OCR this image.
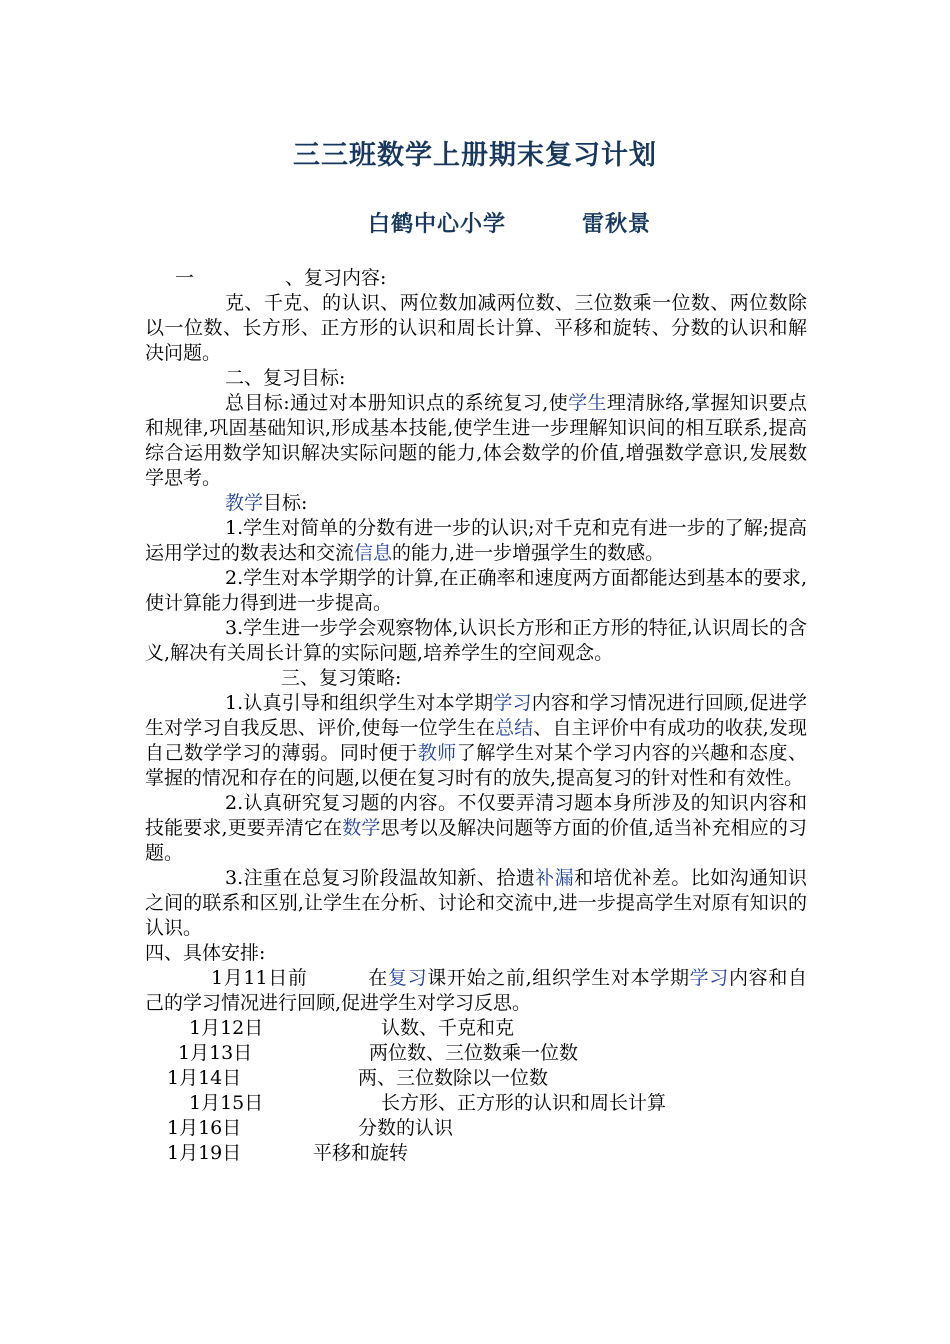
三三班数学上册期末复习计划
白鹤中心小学	雷秋景

一	、复习内容:

克、千克、的认识、两位数加减两位数、三位数乘一位数、两位数除以一位数、长方形、正方形的认识和周长计算、平移和旋转、分数的认识和解决问题。

二、复习目标:

总目标:通过对本册知识点的系统复习,使学生理清脉络,掌握知识要点和规律,巩固基础知识,形成基本技能,使学生进一步理解知识间的相互联系,提高综合运用数学知识解决实际问题的能力,体会数学的价值,增强数学意识,发展数学思考。

教学目标:

1.学生对简单的分数有进一步的认识;对千克和克有进一步的了解;提高运用学过的数表达和交流信息的能力,进一步增强学生的数感。

2.学生对本学期学的计算,在正确率和速度两方面都能达到基本的要求,使计算能力得到进一步提高。

3.学生进一步学会观察物体,认识长方形和正方形的特征,认识周长的含义,解决有关周长计算的实际问题,培养学生的空间观念。

三、复习策略:

1.认真引导和组织学生对本学期学习内容和学习情况进行回顾,促进学生对学习自我反思、评价,使每一位学生在总结、自主评价中有成功的收获,发现自己数学学习的薄弱。同时便于教师了解学生对某个学习内容的兴趣和态度、掌握的情况和存在的问题,以便在复习时有的放失,提高复习的针对性和有效性。

2.认真研究复习题的内容。不仅要弄清习题本身所涉及的知识内容和技能要求,更要弄清它在数学思考以及解决问题等方面的价值,适当补充相应的习题。

3.注重在总复习阶段温故知新、拾遗补漏和培优补差。比如沟通知识之间的联系和区别,让学生在分析、讨论和交流中,进一步提高学生对原有知识的认识。

四、具体安排:

1月11日前	在复习课开始之前,组织学生对本学期学习内容和自己的学习情况进行回顾,促进学生对学习反思。

1月12日	认数、千克和克
1月13日	两位数、三位数乘一位数
1月14日	两、三位数除以一位数
1月15日	长方形、正方形的认识和周长计算
1月16日	分数的认识
1月19日	平移和旋转
